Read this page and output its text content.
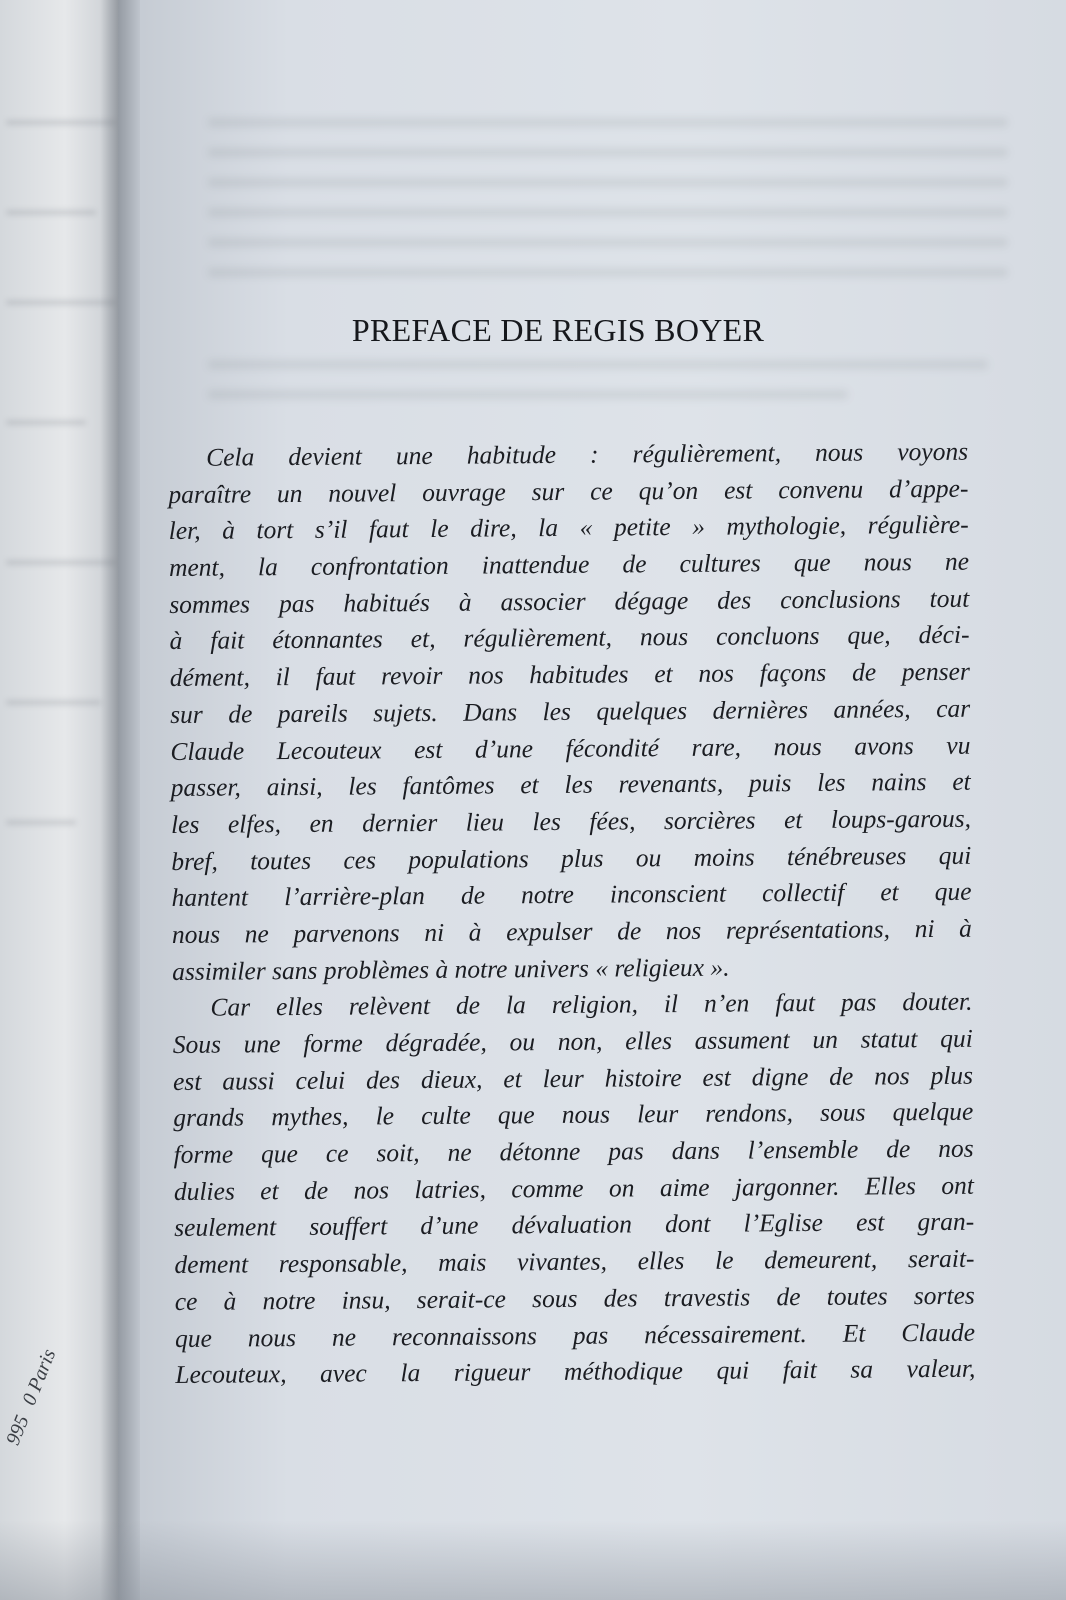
995 0 Paris
PREFACE DE REGIS BOYER

Cela devient une habitude : régulièrement, nous voyons
paraître un nouvel ouvrage sur ce qu’on est convenu d’appe-
ler, à tort s’il faut le dire, la « petite » mythologie, régulière-
ment, la confrontation inattendue de cultures que nous ne
sommes pas habitués à associer dégage des conclusions tout
à fait étonnantes et, régulièrement, nous concluons que, déci-
dément, il faut revoir nos habitudes et nos façons de penser
sur de pareils sujets. Dans les quelques dernières années, car
Claude Lecouteux est d’une fécondité rare, nous avons vu
passer, ainsi, les fantômes et les revenants, puis les nains et
les elfes, en dernier lieu les fées, sorcières et loups-garous,
bref, toutes ces populations plus ou moins ténébreuses qui
hantent l’arrière-plan de notre inconscient collectif et que
nous ne parvenons ni à expulser de nos représentations, ni à
assimiler sans problèmes à notre univers « religieux ».

Car elles relèvent de la religion, il n’en faut pas douter.
Sous une forme dégradée, ou non, elles assument un statut qui
est aussi celui des dieux, et leur histoire est digne de nos plus
grands mythes, le culte que nous leur rendons, sous quelque
forme que ce soit, ne détonne pas dans l’ensemble de nos
dulies et de nos latries, comme on aime jargonner. Elles ont
seulement souffert d’une dévaluation dont l’Eglise est gran-
dement responsable, mais vivantes, elles le demeurent, serait-
ce à notre insu, serait-ce sous des travestis de toutes sortes
que nous ne reconnaissons pas nécessairement. Et Claude
Lecouteux, avec la rigueur méthodique qui fait sa valeur,
